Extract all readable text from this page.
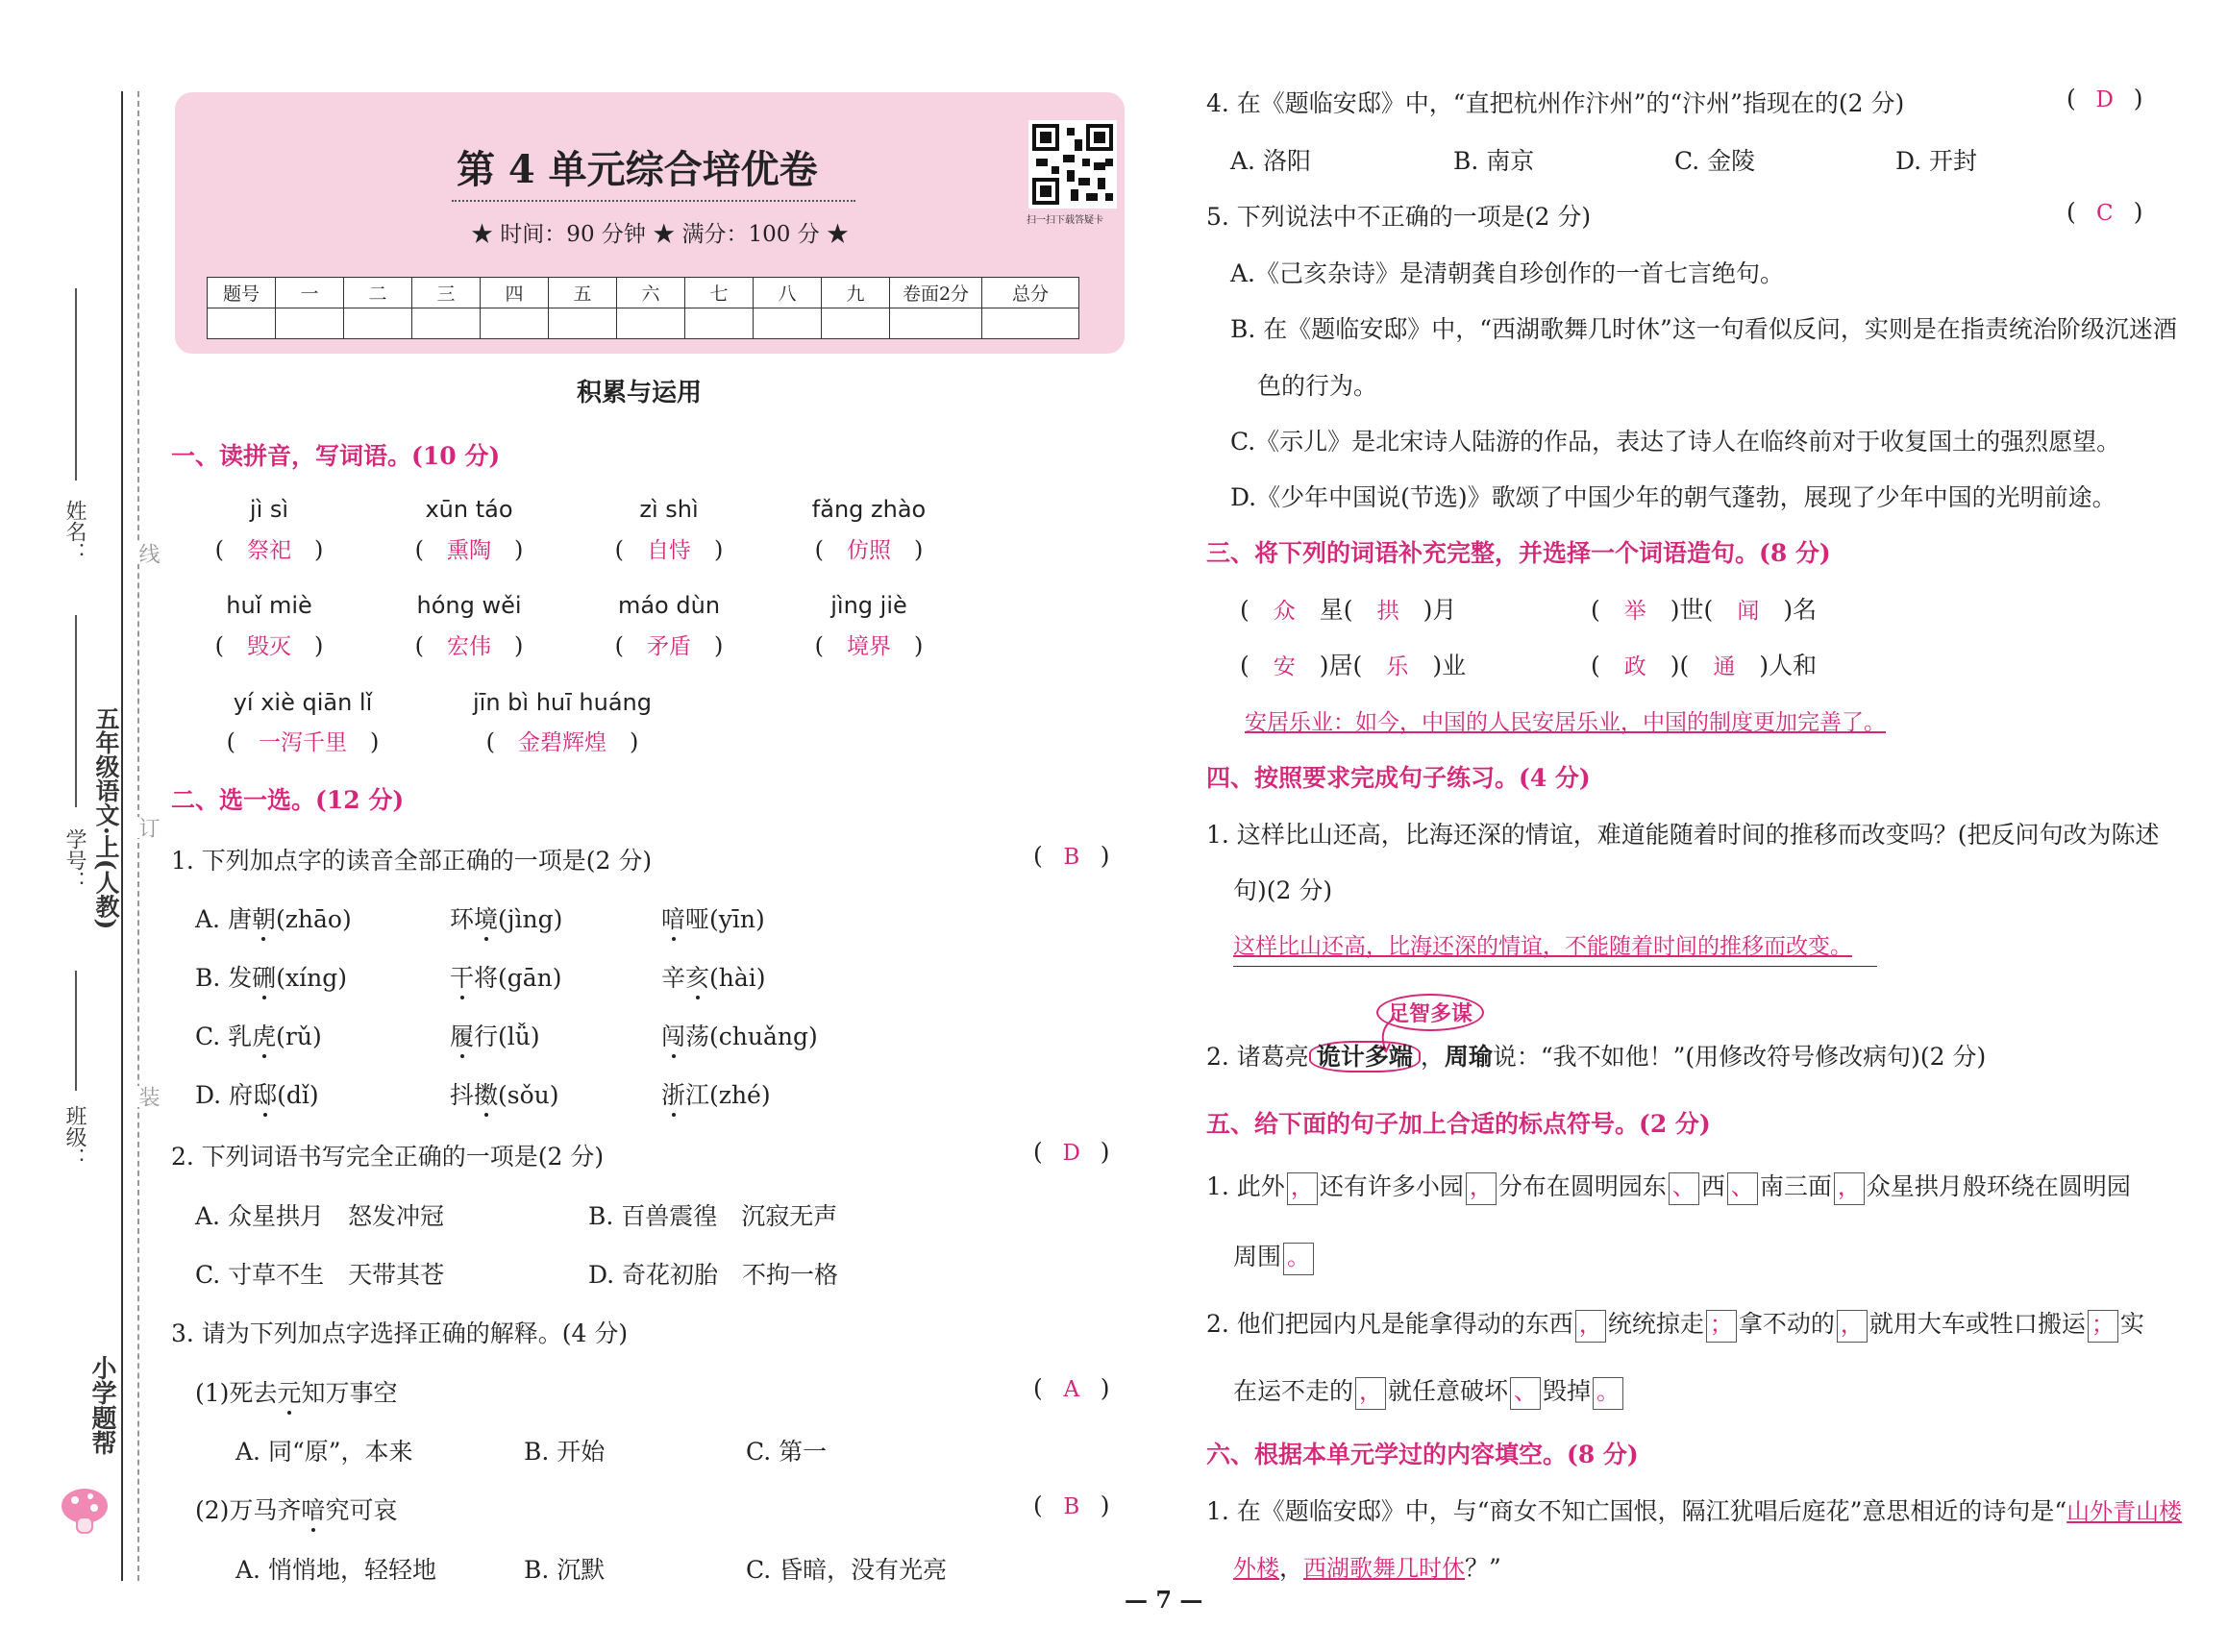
线
订
装
姓名：
学号：
班级：
五年级语文·上(人教)
小学题帮
第 4 单元综合培优卷
★ 时间：90 分钟 ★ 满分：100 分 ★
扫一扫下载答疑卡
题号	一	二	三	四	五	六	七	八	九	卷面2分	总分

积累与运用
一、读拼音，写词语。(10 分)
jì sì	xūn táo	zì shì	fǎng zhào
(　祭祀　)	(　熏陶　)	(　自恃　)	(　仿照　)
huǐ miè	hóng wěi	máo dùn	jìng jiè
(　毁灭　)	(　宏伟　)	(　矛盾　)	(　境界　)
yí xiè qiān lǐ	jīn bì huī huáng
(　一泻千里　)	(　金碧辉煌　)
二、选一选。(12 分)
1. 下列加点字的读音全部正确的一项是(2 分)	( B )
A. 唐朝(zhāo)	环境(jìng)	喑哑(yīn)
B. 发硎(xíng)	干将(gān)	辛亥(hài)
C. 乳虎(rǔ)	履行(lǚ)	闯荡(chuǎng)
D. 府邸(dǐ)	抖擞(sǒu)	浙江(zhé)
2. 下列词语书写完全正确的一项是(2 分)	( D )
A. 众星拱月　怒发冲冠	B. 百兽震徨　沉寂无声
C. 寸草不生　天带其苍	D. 奇花初胎　不拘一格
3. 请为下列加点字选择正确的解释。(4 分)
(1)死去元知万事空	( A )
A. 同“原”，本来	B. 开始	C. 第一
(2)万马齐喑究可哀	( B )
A. 悄悄地，轻轻地	B. 沉默	C. 昏暗，没有光亮
4. 在《题临安邸》中，“直把杭州作汴州”的“汴州”指现在的(2 分)	( D )
A. 洛阳	B. 南京	C. 金陵	D. 开封
5. 下列说法中不正确的一项是(2 分)	( C )
A.《己亥杂诗》是清朝龚自珍创作的一首七言绝句。
B. 在《题临安邸》中，“西湖歌舞几时休”这一句看似反问，实则是在指责统治阶级沉迷酒
色的行为。
C.《示儿》是北宋诗人陆游的作品，表达了诗人在临终前对于收复国土的强烈愿望。
D.《少年中国说(节选)》歌颂了中国少年的朝气蓬勃，展现了少年中国的光明前途。
三、将下列的词语补充完整，并选择一个词语造句。(8 分)
(　众　 星(　 拱　 )月	(　举　 )世(　 闻　 )名
(　安　 )居(　 乐　 )业	(　政　 )(　 通　 )人和
安居乐业：如今，中国的人民安居乐业，中国的制度更加完善了。
四、按照要求完成句子练习。(4 分)
1. 这样比山还高，比海还深的情谊，难道能随着时间的推移而改变吗？(把反问句改为陈述
句)(2 分)
这样比山还高，比海还深的情谊，不能随着时间的推移而改变。
足智多谋
2. 诸葛亮 诡计多端 ，周瑜说：“我不如他！”(用修改符号修改病句)(2 分)
五、给下面的句子加上合适的标点符号。(2 分)
1. 此外 ， 还有许多小园 ， 分布在圆明园东 、 西 、 南三面 ， 众星拱月般环绕在圆明园
周围 。
2. 他们把园内凡是能拿得动的东西 ， 统统掠走 ； 拿不动的 ， 就用大车或牲口搬运 ； 实
在运不走的 ， 就任意破坏 、 毁掉 。
六、根据本单元学过的内容填空。(8 分)
1. 在《题临安邸》中，与“商女不知亡国恨，隔江犹唱后庭花”意思相近的诗句是“山外青山楼
外楼，西湖歌舞几时休？”
— 7 —
